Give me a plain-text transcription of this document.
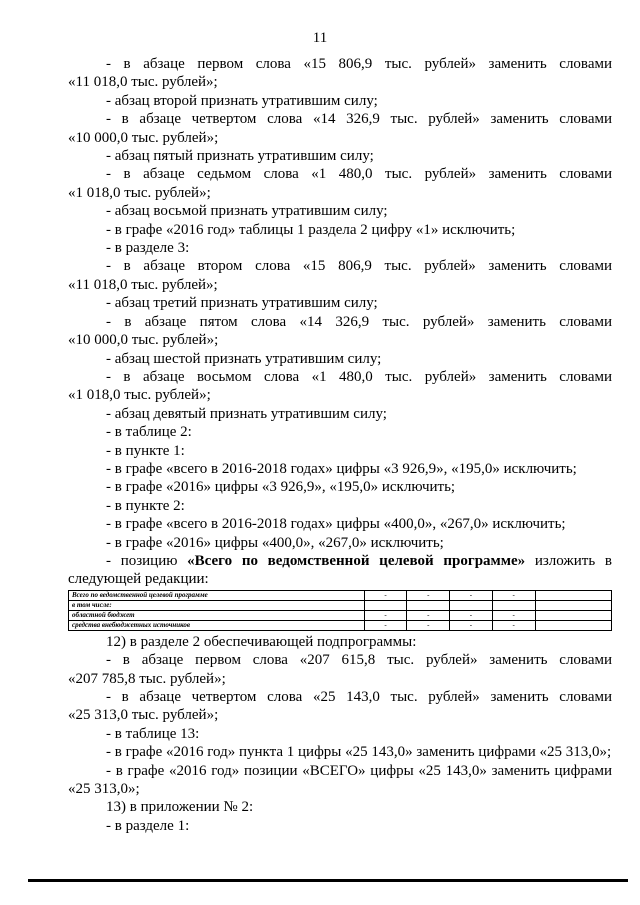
11
- в абзаце первом слова «15 806,9 тыс. рублей» заменить словами
«11 018,0 тыс. рублей»;
- абзац второй признать утратившим силу;
- в абзаце четвертом слова «14 326,9 тыс. рублей» заменить словами
«10 000,0 тыс. рублей»;
- абзац пятый признать утратившим силу;
- в абзаце седьмом слова «1 480,0 тыс. рублей» заменить словами
«1 018,0 тыс. рублей»;
- абзац восьмой признать утратившим силу;
- в графе «2016 год» таблицы 1 раздела 2 цифру «1» исключить;
- в разделе 3:
- в абзаце втором слова «15 806,9 тыс. рублей» заменить словами
«11 018,0 тыс. рублей»;
- абзац третий признать утратившим силу;
- в абзаце пятом слова «14 326,9 тыс. рублей» заменить словами
«10 000,0 тыс. рублей»;
- абзац шестой признать утратившим силу;
- в абзаце восьмом слова «1 480,0 тыс. рублей» заменить словами
«1 018,0 тыс. рублей»;
- абзац девятый признать утратившим силу;
- в таблице 2:
- в пункте 1:
- в графе «всего в 2016-2018 годах» цифры «3 926,9», «195,0» исключить;
- в графе «2016» цифры «3 926,9», «195,0» исключить;
- в пункте 2:
- в графе «всего в 2016-2018 годах» цифры «400,0», «267,0» исключить;
- в графе «2016» цифры «400,0», «267,0» исключить;
- позицию «Всего по ведомственной целевой программе» изложить в
следующей редакции:
Всего по ведомственной целевой программе	-	-	-	-	
в том числе:					
областной бюджет	-	-	-	-	
средства внебюджетных источников	-	-	-	-	
12) в разделе 2 обеспечивающей подпрограммы:
- в абзаце первом слова «207 615,8 тыс. рублей» заменить словами
«207 785,8 тыс. рублей»;
- в абзаце четвертом слова «25 143,0 тыс. рублей» заменить словами
«25 313,0 тыс. рублей»;
- в таблице 13:
- в графе «2016 год» пункта 1 цифры «25 143,0» заменить цифрами «25 313,0»;
- в графе «2016 год» позиции «ВСЕГО» цифры «25 143,0» заменить цифрами
«25 313,0»;
13) в приложении № 2:
- в разделе 1:
